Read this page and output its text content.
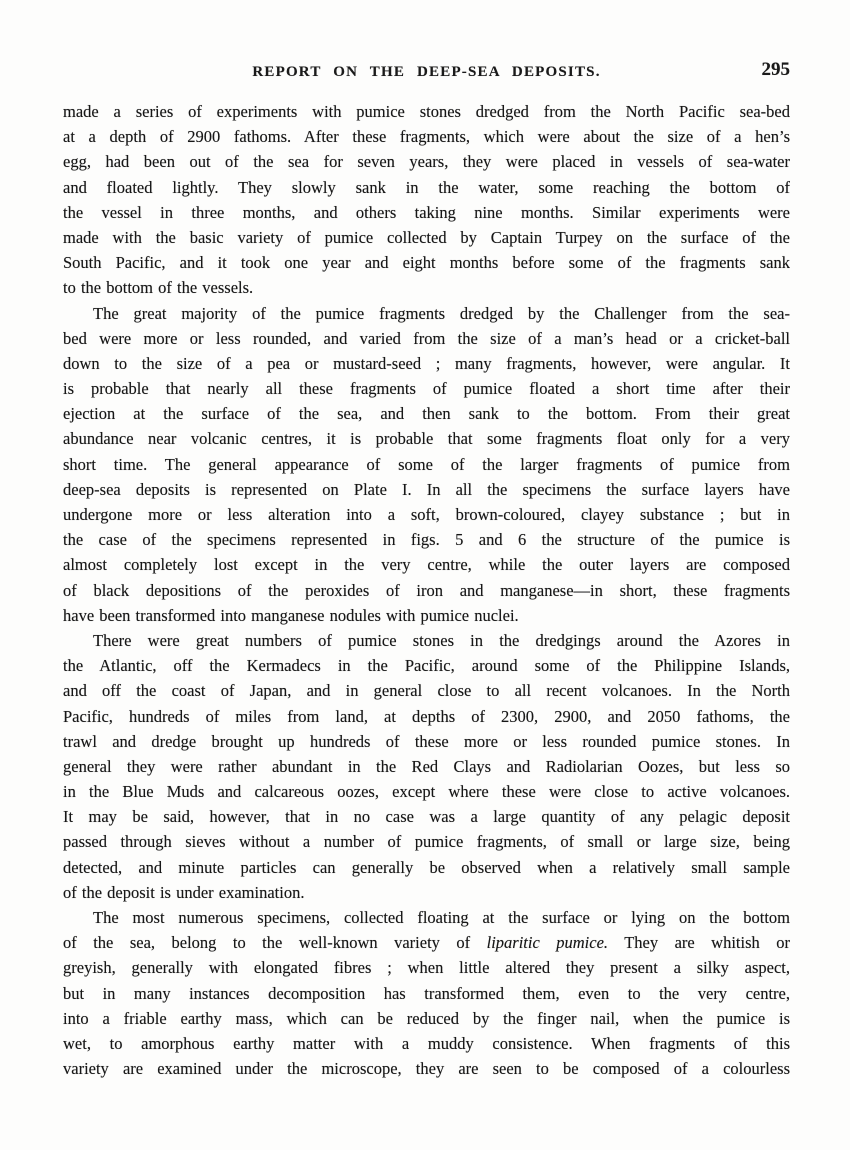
REPORT ON THE DEEP-SEA DEPOSITS.	295
made a series of experiments with pumice stones dredged from the North Pacific sea-bed
at a depth of 2900 fathoms. After these fragments, which were about the size of a hen’s
egg, had been out of the sea for seven years, they were placed in vessels of sea-water
and floated lightly. They slowly sank in the water, some reaching the bottom of
the vessel in three months, and others taking nine months. Similar experiments were
made with the basic variety of pumice collected by Captain Turpey on the surface of the
South Pacific, and it took one year and eight months before some of the fragments sank
to the bottom of the vessels.
The great majority of the pumice fragments dredged by the Challenger from the sea-
bed were more or less rounded, and varied from the size of a man’s head or a cricket-ball
down to the size of a pea or mustard-seed ; many fragments, however, were angular. It
is probable that nearly all these fragments of pumice floated a short time after their
ejection at the surface of the sea, and then sank to the bottom. From their great
abundance near volcanic centres, it is probable that some fragments float only for a very
short time. The general appearance of some of the larger fragments of pumice from
deep-sea deposits is represented on Plate I. In all the specimens the surface layers have
undergone more or less alteration into a soft, brown-coloured, clayey substance ; but in
the case of the specimens represented in figs. 5 and 6 the structure of the pumice is
almost completely lost except in the very centre, while the outer layers are composed
of black depositions of the peroxides of iron and manganese—in short, these fragments
have been transformed into manganese nodules with pumice nuclei.
There were great numbers of pumice stones in the dredgings around the Azores in
the Atlantic, off the Kermadecs in the Pacific, around some of the Philippine Islands,
and off the coast of Japan, and in general close to all recent volcanoes. In the North
Pacific, hundreds of miles from land, at depths of 2300, 2900, and 2050 fathoms, the
trawl and dredge brought up hundreds of these more or less rounded pumice stones. In
general they were rather abundant in the Red Clays and Radiolarian Oozes, but less so
in the Blue Muds and calcareous oozes, except where these were close to active volcanoes.
It may be said, however, that in no case was a large quantity of any pelagic deposit
passed through sieves without a number of pumice fragments, of small or large size, being
detected, and minute particles can generally be observed when a relatively small sample
of the deposit is under examination.
The most numerous specimens, collected floating at the surface or lying on the bottom
of the sea, belong to the well-known variety of liparitic pumice. They are whitish or
greyish, generally with elongated fibres ; when little altered they present a silky aspect,
but in many instances decomposition has transformed them, even to the very centre,
into a friable earthy mass, which can be reduced by the finger nail, when the pumice is
wet, to amorphous earthy matter with a muddy consistence. When fragments of this
variety are examined under the microscope, they are seen to be composed of a colourless
